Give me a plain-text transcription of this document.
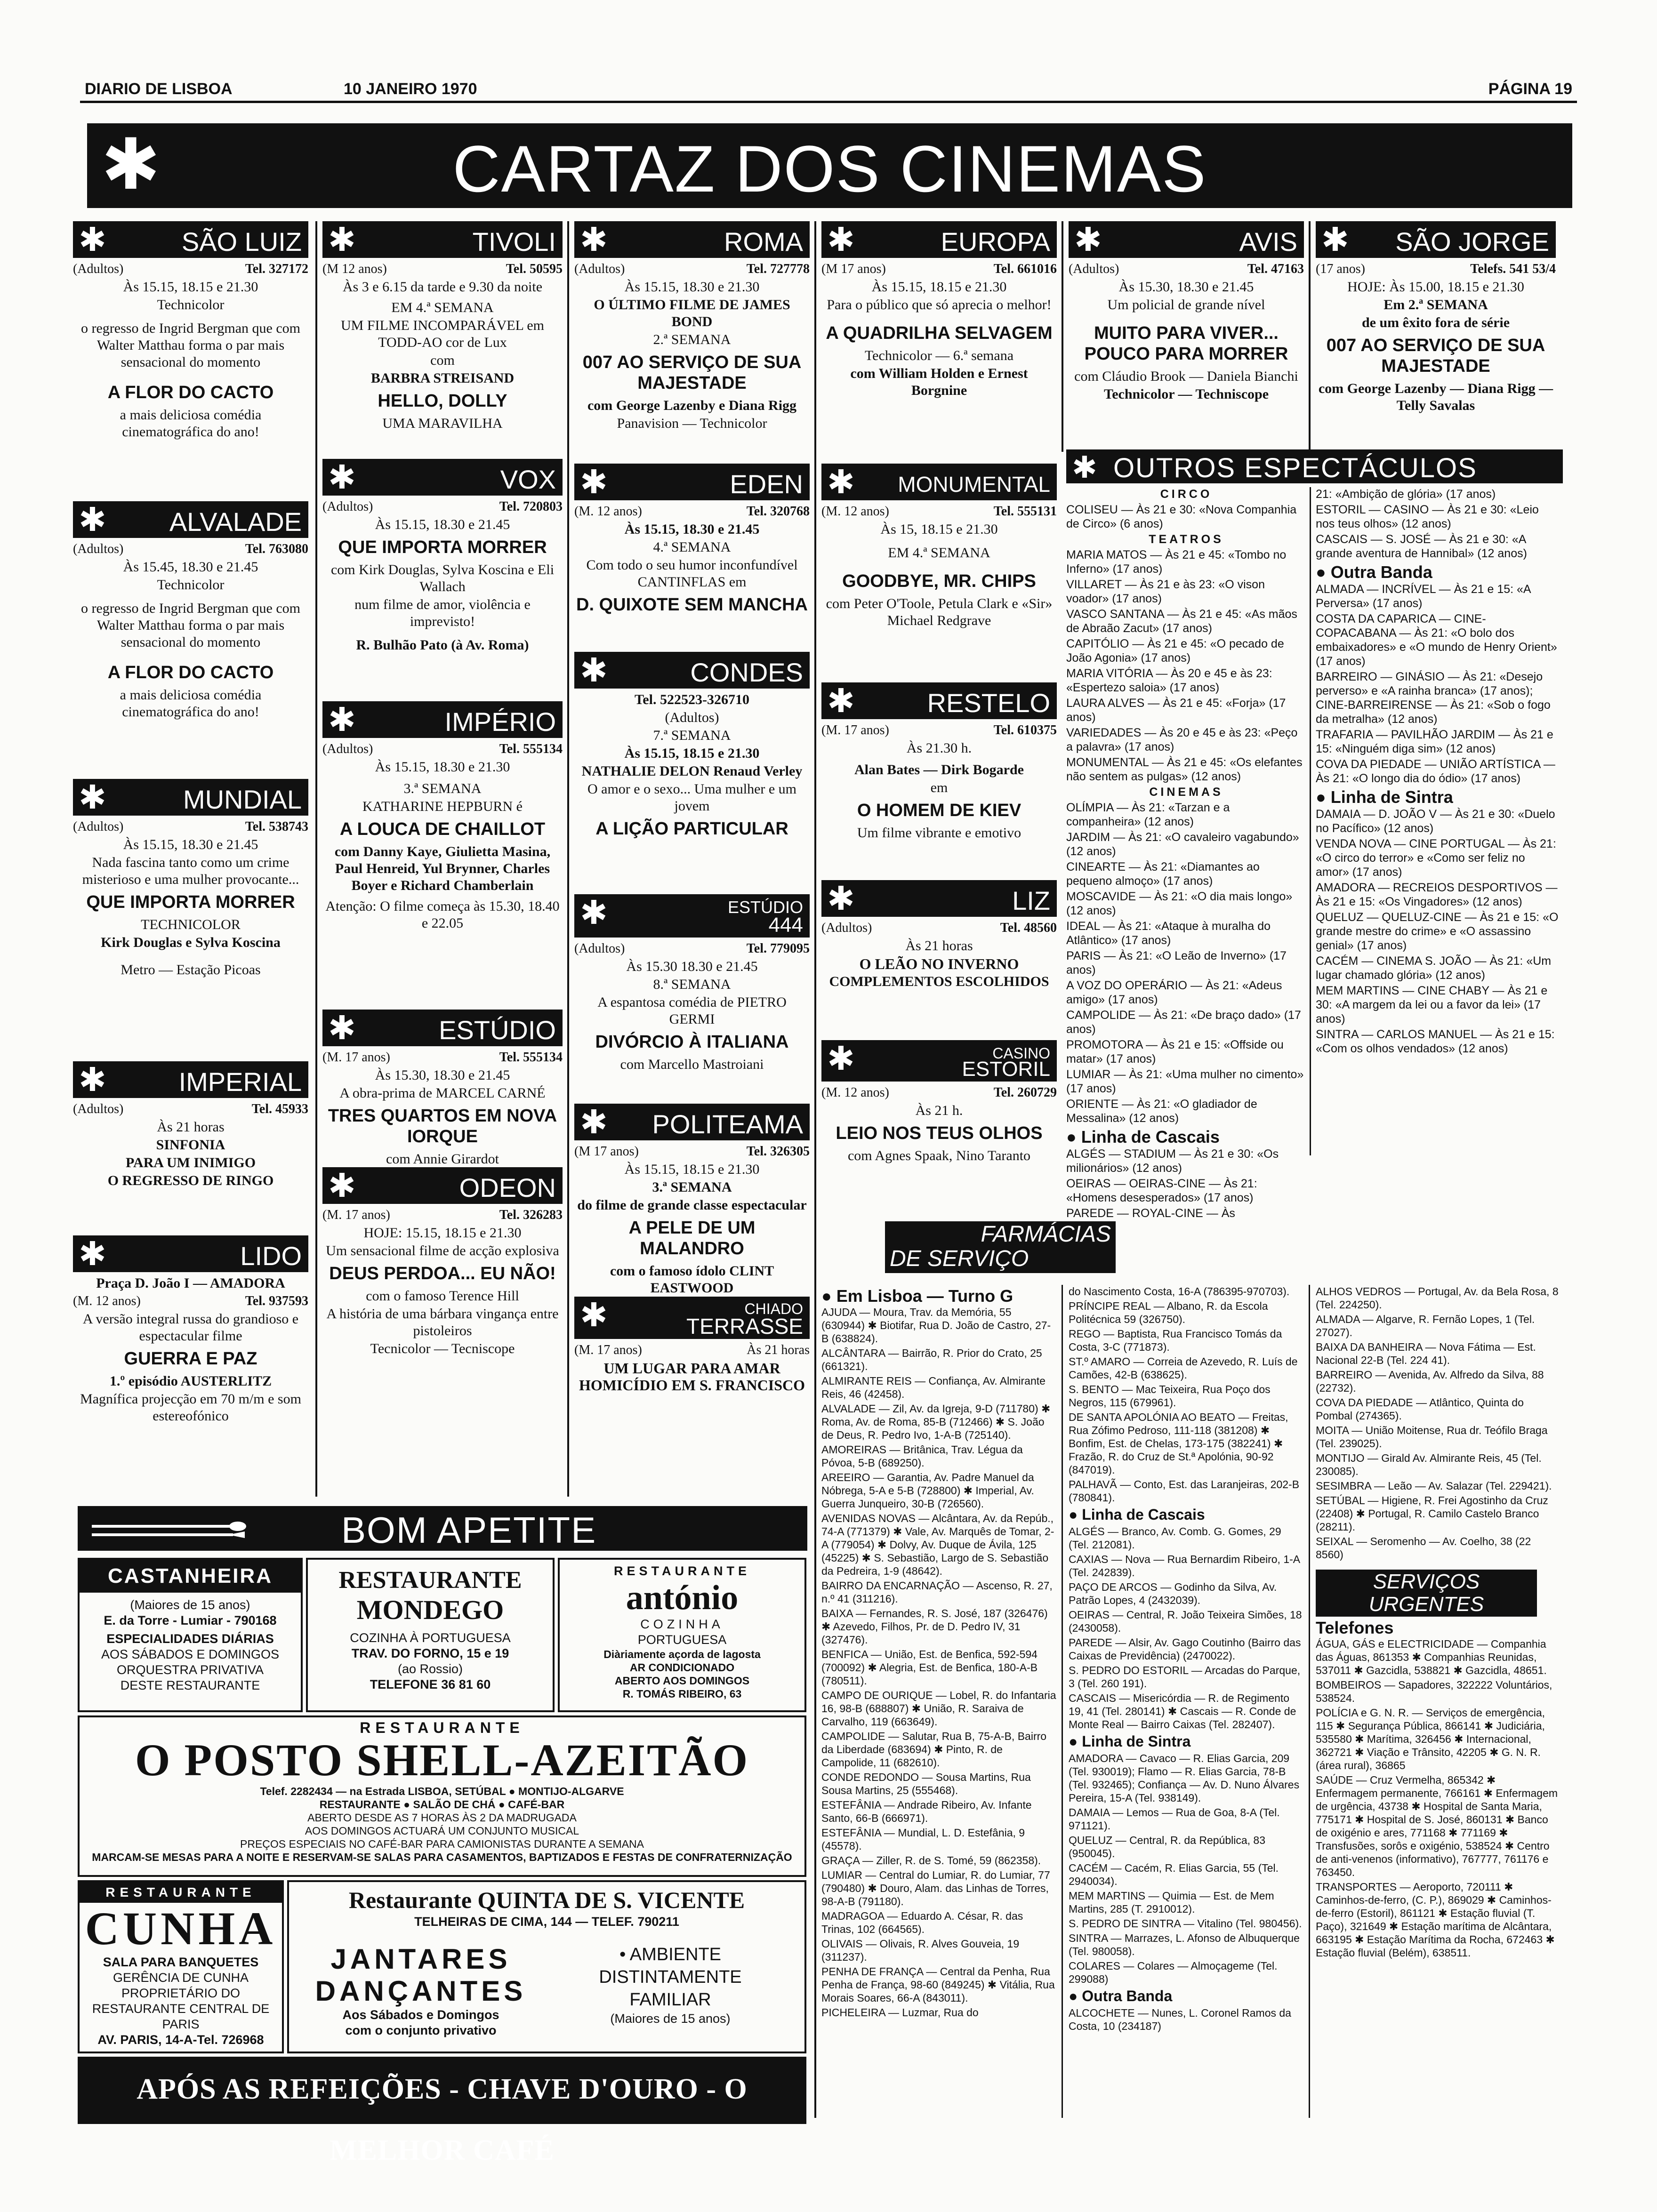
DIARIO DE LISBOA	10 JANEIRO 1970	PÁGINA 19
✱	CARTAZ DOS CINEMAS
✱	SÃO LUIZ
(Adultos)	Tel. 327172
Às 15.15, 18.15 e 21.30
Technicolor
o regresso de Ingrid Bergman que com Walter Matthau forma o par mais sensacional do momento
A FLOR DO CACTO
a mais deliciosa comédia cinematográfica do ano!
✱	TIVOLI
(M 12 anos)	Tel. 50595
Às 3 e 6.15 da tarde e 9.30 da noite
EM 4.ª SEMANA
UM FILME INCOMPARÁVEL em TODD-AO cor de Lux
com
BARBRA STREISAND
HELLO, DOLLY
UMA MARAVILHA
✱	ROMA
(Adultos)	Tel. 727778
Às 15.15, 18.30 e 21.30
O ÚLTIMO FILME DE JAMES BOND
2.ª SEMANA
007 AO SERVIÇO DE SUA MAJESTADE
com George Lazenby e Diana Rigg
Panavision — Technicolor
✱	EUROPA
(M 17 anos)	Tel. 661016
Às 15.15, 18.15 e 21.30
Para o público que só aprecia o melhor!
A QUADRILHA SELVAGEM
Technicolor — 6.ª semana
com William Holden e Ernest Borgnine
✱	AVIS
(Adultos)	Tel. 47163
Às 15.30, 18.30 e 21.45
Um policial de grande nível
MUITO PARA VIVER... POUCO PARA MORRER
com Cláudio Brook — Daniela Bianchi
Technicolor — Techniscope
✱ SÃO JORGE
(17 anos)	Telefs. 541 53/4
HOJE: Às 15.00, 18.15 e 21.30
Em 2.ª SEMANA
de um êxito fora de série
007 AO SERVIÇO DE SUA MAJESTADE
com George Lazenby — Diana Rigg — Telly Savalas
✱ ALVALADE
(Adultos)	Tel. 763080
Às 15.45, 18.30 e 21.45
Technicolor
o regresso de Ingrid Bergman que com Walter Matthau forma o par mais sensacional do momento
A FLOR DO CACTO
a mais deliciosa comédia cinematográfica do ano!
✱	VOX
(Adultos)	Tel. 720803
Às 15.15, 18.30 e 21.45
QUE IMPORTA MORRER
com Kirk Douglas, Sylva Koscina e Eli Wallach
num filme de amor, violência e imprevisto!
R. Bulhão Pato (à Av. Roma)
✱	EDEN
(M. 12 anos)	Tel. 320768
Às 15.15, 18.30 e 21.45
4.ª SEMANA
Com todo o seu humor inconfundível CANTINFLAS em
D. QUIXOTE SEM MANCHA
✱ MONUMENTAL
(M. 12 anos)	Tel. 555131
Às 15, 18.15 e 21.30
EM 4.ª SEMANA
GOODBYE, MR. CHIPS
com Peter O'Toole, Petula Clark e «Sir» Michael Redgrave
✱ OUTROS ESPECTÁCULOS
CIRCO
COLISEU — Às 21 e 30: «Nova Companhia de Circo» (6 anos)
TEATROS
MARIA MATOS — Às 21 e 45: «Tombo no Inferno» (17 anos)
VILLARET — Às 21 e às 23: «O vison voador» (17 anos)
VASCO SANTANA — Às 21 e 45: «As mãos de Abraão Zacut» (17 anos)
CAPITÓLIO — Às 21 e 45: «O pecado de João Agonia» (17 anos)
MARIA VITÓRIA — Às 20 e 45 e às 23: «Espertezo saloia» (17 anos)
LAURA ALVES — Às 21 e 45: «Forja» (17 anos)
VARIEDADES — Às 20 e 45 e às 23: «Peço a palavra» (17 anos)
MONUMENTAL — Às 21 e 45: «Os elefantes não sentem as pulgas» (12 anos)
CINEMAS
OLÍMPIA — Às 21: «Tarzan e a companheira» (12 anos)
JARDIM — Às 21: «O cavaleiro vagabundo» (12 anos)
CINEARTE — Às 21: «Diamantes ao pequeno almoço» (17 anos)
MOSCAVIDE — Às 21: «O dia mais longo» (12 anos)
IDEAL — Às 21: «Ataque à muralha do Atlântico» (17 anos)
PARIS — Às 21: «O Leão de Inverno» (17 anos)
A VOZ DO OPERÁRIO — Às 21: «Adeus amigo» (17 anos)
CAMPOLIDE — Às 21: «De braço dado» (17 anos)
PROMOTORA — Às 21 e 15: «Offside ou matar» (17 anos)
LUMIAR — Às 21: «Uma mulher no cimento» (17 anos)
ORIENTE — Às 21: «O gladiador de Messalina» (12 anos)
● Linha de Cascais
ALGÉS — STADIUM — Às 21 e 30: «Os milionários» (12 anos)
OEIRAS — OEIRAS-CINE — Às 21: «Homens desesperados» (17 anos)
PAREDE — ROYAL-CINE — Às
21: «Ambição de glória» (17 anos)
ESTORIL — CASINO — Às 21 e 30: «Leio nos teus olhos» (12 anos)
CASCAIS — S. JOSÉ — Às 21 e 30: «A grande aventura de Hannibal» (12 anos)
● Outra Banda
ALMADA — INCRÍVEL — Às 21 e 15: «A Perversa» (17 anos)
COSTA DA CAPARICA — CINE-COPACABANA — Às 21: «O bolo dos embaixadores» e «O mundo de Henry Orient» (17 anos)
BARREIRO — GINÁSIO — Às 21: «Desejo perverso» e «A rainha branca» (17 anos); CINE-BARREIRENSE — Às 21: «Sob o fogo da metralha» (12 anos)
TRAFARIA — PAVILHÃO JARDIM — Às 21 e 15: «Ninguém diga sim» (12 anos)
COVA DA PIEDADE — UNIÃO ARTÍSTICA — Às 21: «O longo dia do ódio» (17 anos)
● Linha de Sintra
DAMAIA — D. JOÃO V — Às 21 e 30: «Duelo no Pacífico» (12 anos)
VENDA NOVA — CINE PORTUGAL — Às 21: «O circo do terror» e «Como ser feliz no amor» (17 anos)
AMADORA — RECREIOS DESPORTIVOS — Às 21 e 15: «Os Vingadores» (12 anos)
QUELUZ — QUELUZ-CINE — Às 21 e 15: «O grande mestre do crime» e «O assassino genial» (17 anos)
CACÉM — CINEMA S. JOÃO — Às 21: «Um lugar chamado glória» (12 anos)
MEM MARTINS — CINE CHABY — Às 21 e 30: «A margem da lei ou a favor da lei» (17 anos)
SINTRA — CARLOS MANUEL — Às 21 e 15: «Com os olhos vendados» (12 anos)
✱	MUNDIAL
(Adultos)	Tel. 538743
Às 15.15, 18.30 e 21.45
Nada fascina tanto como um crime misterioso e uma mulher provocante...
QUE IMPORTA MORRER
TECHNICOLOR
Kirk Douglas e Sylva Koscina
Metro — Estação Picoas
✱	IMPÉRIO
(Adultos)	Tel. 555134
Às 15.15, 18.30 e 21.30
3.ª SEMANA
KATHARINE HEPBURN é
A LOUCA DE CHAILLOT
com Danny Kaye, Giulietta Masina, Paul Henreid, Yul Brynner, Charles Boyer e Richard Chamberlain
Atenção: O filme começa às 15.30, 18.40 e 22.05
✱	CONDES
Tel. 522523-326710
(Adultos)
7.ª SEMANA
Às 15.15, 18.15 e 21.30
NATHALIE DELON Renaud Verley
O amor e o sexo... Uma mulher e um jovem
A LIÇÃO PARTICULAR
✱	RESTELO
(M. 17 anos)	Tel. 610375
Às 21.30 h.
Alan Bates — Dirk Bogarde
em
O HOMEM DE KIEV
Um filme vibrante e emotivo
✱	IMPERIAL
(Adultos)	Tel. 45933
Às 21 horas
SINFONIA
PARA UM INIMIGO
O REGRESSO DE RINGO
✱	ESTÚDIO
(M. 17 anos)	Tel. 555134
Às 15.30, 18.30 e 21.45
A obra-prima de MARCEL CARNÉ
TRES QUARTOS EM NOVA IORQUE
com Annie Girardot
✱	ESTÚDIO
444
(Adultos)	Tel. 779095
Às 15.30 18.30 e 21.45
8.ª SEMANA
A espantosa comédia de PIETRO GERMI
DIVÓRCIO À ITALIANA
com Marcello Mastroiani
✱	LIZ
(Adultos)	Tel. 48560
Às 21 horas
O LEÃO NO INVERNO
COMPLEMENTOS ESCOLHIDOS
✱	CASINO
ESTORIL
(M. 12 anos)	Tel. 260729
Às 21 h.
LEIO NOS TEUS OLHOS
com Agnes Spaak, Nino Taranto
✱	LIDO
Praça D. João I — AMADORA
(M. 12 anos)	Tel. 937593
A versão integral russa do grandioso e espectacular filme
GUERRA E PAZ
1.º episódio AUSTERLITZ
Magnífica projecção em 70 m/m e som estereofónico
✱	ODEON
(M. 17 anos)	Tel. 326283
HOJE: 15.15, 18.15 e 21.30
Um sensacional filme de acção explosiva
DEUS PERDOA... EU NÃO!
com o famoso Terence Hill
A história de uma bárbara vingança entre pistoleiros
Tecnicolor — Tecniscope
✱ POLITEAMA
(M 17 anos)	Tel. 326305
Às 15.15, 18.15 e 21.30
3.ª SEMANA
do filme de grande classe espectacular
A PELE DE UM MALANDRO
com o famoso ídolo CLINT EASTWOOD
✱	CHIADO
TERRASSE
(M. 17 anos)	Às 21 horas
UM LUGAR PARA AMAR HOMICÍDIO EM S. FRANCISCO
BOM APETITE
CASTANHEIRA
(Maiores de 15 anos)
E. da Torre - Lumiar - 790168
ESPECIALIDADES DIÁRIAS
AOS SÁBADOS E DOMINGOS
ORQUESTRA PRIVATIVA
DESTE RESTAURANTE
RESTAURANTE
MONDEGO
COZINHA À PORTUGUESA
TRAV. DO FORNO, 15 e 19
(ao Rossio)
TELEFONE 36 81 60
RESTAURANTE
antónio
COZINHA
PORTUGUESA
Diàriamente açorda de lagosta
AR CONDICIONADO
ABERTO AOS DOMINGOS
R. TOMÁS RIBEIRO, 63
RESTAURANTE
O POSTO SHELL-AZEITÃO
Telef. 2282434 — na Estrada LISBOA, SETÚBAL ● MONTIJO-ALGARVE
RESTAURANTE ● SALÃO DE CHÁ ● CAFÉ-BAR
ABERTO DESDE AS 7 HORAS ÀS 2 DA MADRUGADA
AOS DOMINGOS ACTUARÁ UM CONJUNTO MUSICAL
PREÇOS ESPECIAIS NO CAFÉ-BAR PARA CAMIONISTAS DURANTE A SEMANA
MARCAM-SE MESAS PARA A NOITE E RESERVAM-SE SALAS PARA CASAMENTOS, BAPTIZADOS E FESTAS DE CONFRATERNIZAÇÃO
RESTAURANTE
CUNHA
SALA PARA BANQUETES
GERÊNCIA DE CUNHA
PROPRIETÁRIO DO RESTAURANTE CENTRAL DE PARIS
AV. PARIS, 14-A-Tel. 726968
Restaurante QUINTA DE S. VICENTE
TELHEIRAS DE CIMA, 144 — TELEF. 790211
JANTARES
DANÇANTES
Aos Sábados e Domingos
com o conjunto privativo
• AMBIENTE
DISTINTAMENTE
FAMILIAR
(Maiores de 15 anos)
APÓS AS REFEIÇÕES - CHAVE D'OURO - O MELHOR CAFÉ
FARMÁCIAS
DE SERVIÇO
● Em Lisboa — Turno G
AJUDA — Moura, Trav. da Memória, 55 (630944) ✱ Biotifar, Rua D. João de Castro, 27-B (638824).
ALCÂNTARA — Bairrão, R. Prior do Crato, 25 (661321).
ALMIRANTE REIS — Confiança, Av. Almirante Reis, 46 (42458).
ALVALADE — Zil, Av. da Igreja, 9-D (711780) ✱ Roma, Av. de Roma, 85-B (712466) ✱ S. João de Deus, R. Pedro Ivo, 1-A-B (725140).
AMOREIRAS — Britânica, Trav. Légua da Póvoa, 5-B (689250).
AREEIRO — Garantia, Av. Padre Manuel da Nóbrega, 5-A e 5-B (728800) ✱ Imperial, Av. Guerra Junqueiro, 30-B (726560).
AVENIDAS NOVAS — Alcântara, Av. da Repúb., 74-A (771379) ✱ Vale, Av. Marquês de Tomar, 2-A (779054) ✱ Dolvy, Av. Duque de Ávila, 125 (45225) ✱ S. Sebastião, Largo de S. Sebastião da Pedreira, 1-9 (48642).
BAIRRO DA ENCARNAÇÃO — Ascenso, R. 27, n.º 41 (311216).
BAIXA — Fernandes, R. S. José, 187 (326476) ✱ Azevedo, Filhos, Pr. de D. Pedro IV, 31 (327476).
BENFICA — União, Est. de Benfica, 592-594 (700092) ✱ Alegria, Est. de Benfica, 180-A-B (780511).
CAMPO DE OURIQUE — Lobel, R. do Infantaria 16, 98-B (688807) ✱ União, R. Saraiva de Carvalho, 119 (663649).
CAMPOLIDE — Salutar, Rua B, 75-A-B, Bairro da Liberdade (683694) ✱ Pinto, R. de Campolide, 11 (682610).
CONDE REDONDO — Sousa Martins, Rua Sousa Martins, 25 (555468).
ESTEFÂNIA — Andrade Ribeiro, Av. Infante Santo, 66-B (666971).
ESTEFÂNIA — Mundial, L. D. Estefânia, 9 (45578).
GRAÇA — Ziller, R. de S. Tomé, 59 (862358).
LUMIAR — Central do Lumiar, R. do Lumiar, 77 (790480) ✱ Douro, Alam. das Linhas de Torres, 98-A-B (791180).
MADRAGOA — Eduardo A. César, R. das Trinas, 102 (664565).
OLIVAIS — Olivais, R. Alves Gouveia, 19 (311237).
PENHA DE FRANÇA — Central da Penha, Rua Penha de França, 98-60 (849245) ✱ Vitália, Rua Morais Soares, 66-A (843011).
PICHELEIRA — Luzmar, Rua do
do Nascimento Costa, 16-A (786395-970703).
PRÍNCIPE REAL — Albano, R. da Escola Politécnica 59 (326750).
REGO — Baptista, Rua Francisco Tomás da Costa, 3-C (771873).
ST.º AMARO — Correia de Azevedo, R. Luís de Camões, 42-B (638625).
S. BENTO — Mac Teixeira, Rua Poço dos Negros, 115 (679961).
DE SANTA APOLÓNIA AO BEATO — Freitas, Rua Zófimo Pedroso, 111-118 (381208) ✱ Bonfim, Est. de Chelas, 173-175 (382241) ✱ Frazão, R. do Cruz de St.ª Apolónia, 90-92 (847019).
PALHAVÃ — Conto, Est. das Laranjeiras, 202-B (780841).
● Linha de Cascais
ALGÉS — Branco, Av. Comb. G. Gomes, 29 (Tel. 212081).
CAXIAS — Nova — Rua Bernardim Ribeiro, 1-A (Tel. 242839).
PAÇO DE ARCOS — Godinho da Silva, Av. Patrão Lopes, 4 (2432039).
OEIRAS — Central, R. João Teixeira Simões, 18 (2430058).
PAREDE — Alsir, Av. Gago Coutinho (Bairro das Caixas de Previdência) (2470022).
S. PEDRO DO ESTORIL — Arcadas do Parque, 3 (Tel. 260 191).
CASCAIS — Misericórdia — R. de Regimento 19, 41 (Tel. 280141) ✱ Cascais — R. Conde de Monte Real — Bairro Caixas (Tel. 282407).
● Linha de Sintra
AMADORA — Cavaco — R. Elias Garcia, 209 (Tel. 930019); Flamo — R. Elias Garcia, 78-B (Tel. 932465); Confiança — Av. D. Nuno Álvares Pereira, 15-A (Tel. 938149).
DAMAIA — Lemos — Rua de Goa, 8-A (Tel. 971121).
QUELUZ — Central, R. da República, 83 (950045).
CACÉM — Cacém, R. Elias Garcia, 55 (Tel. 2940034).
MEM MARTINS — Quimia — Est. de Mem Martins, 285 (T. 2910012).
S. PEDRO DE SINTRA — Vitalino (Tel. 980456).
SINTRA — Marrazes, L. Afonso de Albuquerque (Tel. 980058).
COLARES — Colares — Almoçageme (Tel. 299088)
● Outra Banda
ALCOCHETE — Nunes, L. Coronel Ramos da Costa, 10 (234187)
ALHOS VEDROS — Portugal, Av. da Bela Rosa, 8 (Tel. 224250).
ALMADA — Algarve, R. Fernão Lopes, 1 (Tel. 27027).
BAIXA DA BANHEIRA — Nova Fátima — Est. Nacional 22-B (Tel. 224 41).
BARREIRO — Avenida, Av. Alfredo da Silva, 88 (22732).
COVA DA PIEDADE — Atlântico, Quinta do Pombal (274365).
MOITA — União Moitense, Rua dr. Teófilo Braga (Tel. 239025).
MONTIJO — Girald Av. Almirante Reis, 45 (Tel. 230085).
SESIMBRA — Leão — Av. Salazar (Tel. 229421).
SETÚBAL — Higiene, R. Frei Agostinho da Cruz (22408) ✱ Portugal, R. Camilo Castelo Branco (28211).
SEIXAL — Seromenho — Av. Coelho, 38 (22 8560)
SERVIÇOS
URGENTES
Telefones
ÁGUA, GÁS e ELECTRICIDADE — Companhia das Águas, 861353 ✱ Companhias Reunidas, 537011 ✱ Gazcidla, 538821 ✱ Gazcidla, 48651.
BOMBEIROS — Sapadores, 322222 Voluntários, 538524.
POLÍCIA e G. N. R. — Serviços de emergência, 115 ✱ Segurança Pública, 866141 ✱ Judiciária, 535580 ✱ Marítima, 326456 ✱ Internacional, 362721 ✱ Viação e Trânsito, 42205 ✱ G. N. R. (área rural), 36865
SAÚDE — Cruz Vermelha, 865342 ✱ Enfermagem permanente, 766161 ✱ Enfermagem de urgência, 43738 ✱ Hospital de Santa Maria, 775171 ✱ Hospital de S. José, 860131 ✱ Banco de oxigénio e ares, 771168 ✱ 771169 ✱ Transfusões, sorôs e oxigénio, 538524 ✱ Centro de anti-venenos (informativo), 767777, 761176 e 763450.
TRANSPORTES — Aeroporto, 720111 ✱ Caminhos-de-ferro, (C. P.), 869029 ✱ Caminhos-de-ferro (Estoril), 861121 ✱ Estação fluvial (T. Paço), 321649 ✱ Estação marítima de Alcântara, 663195 ✱ Estação Marítima da Rocha, 672463 ✱ Estação fluvial (Belém), 638511.
